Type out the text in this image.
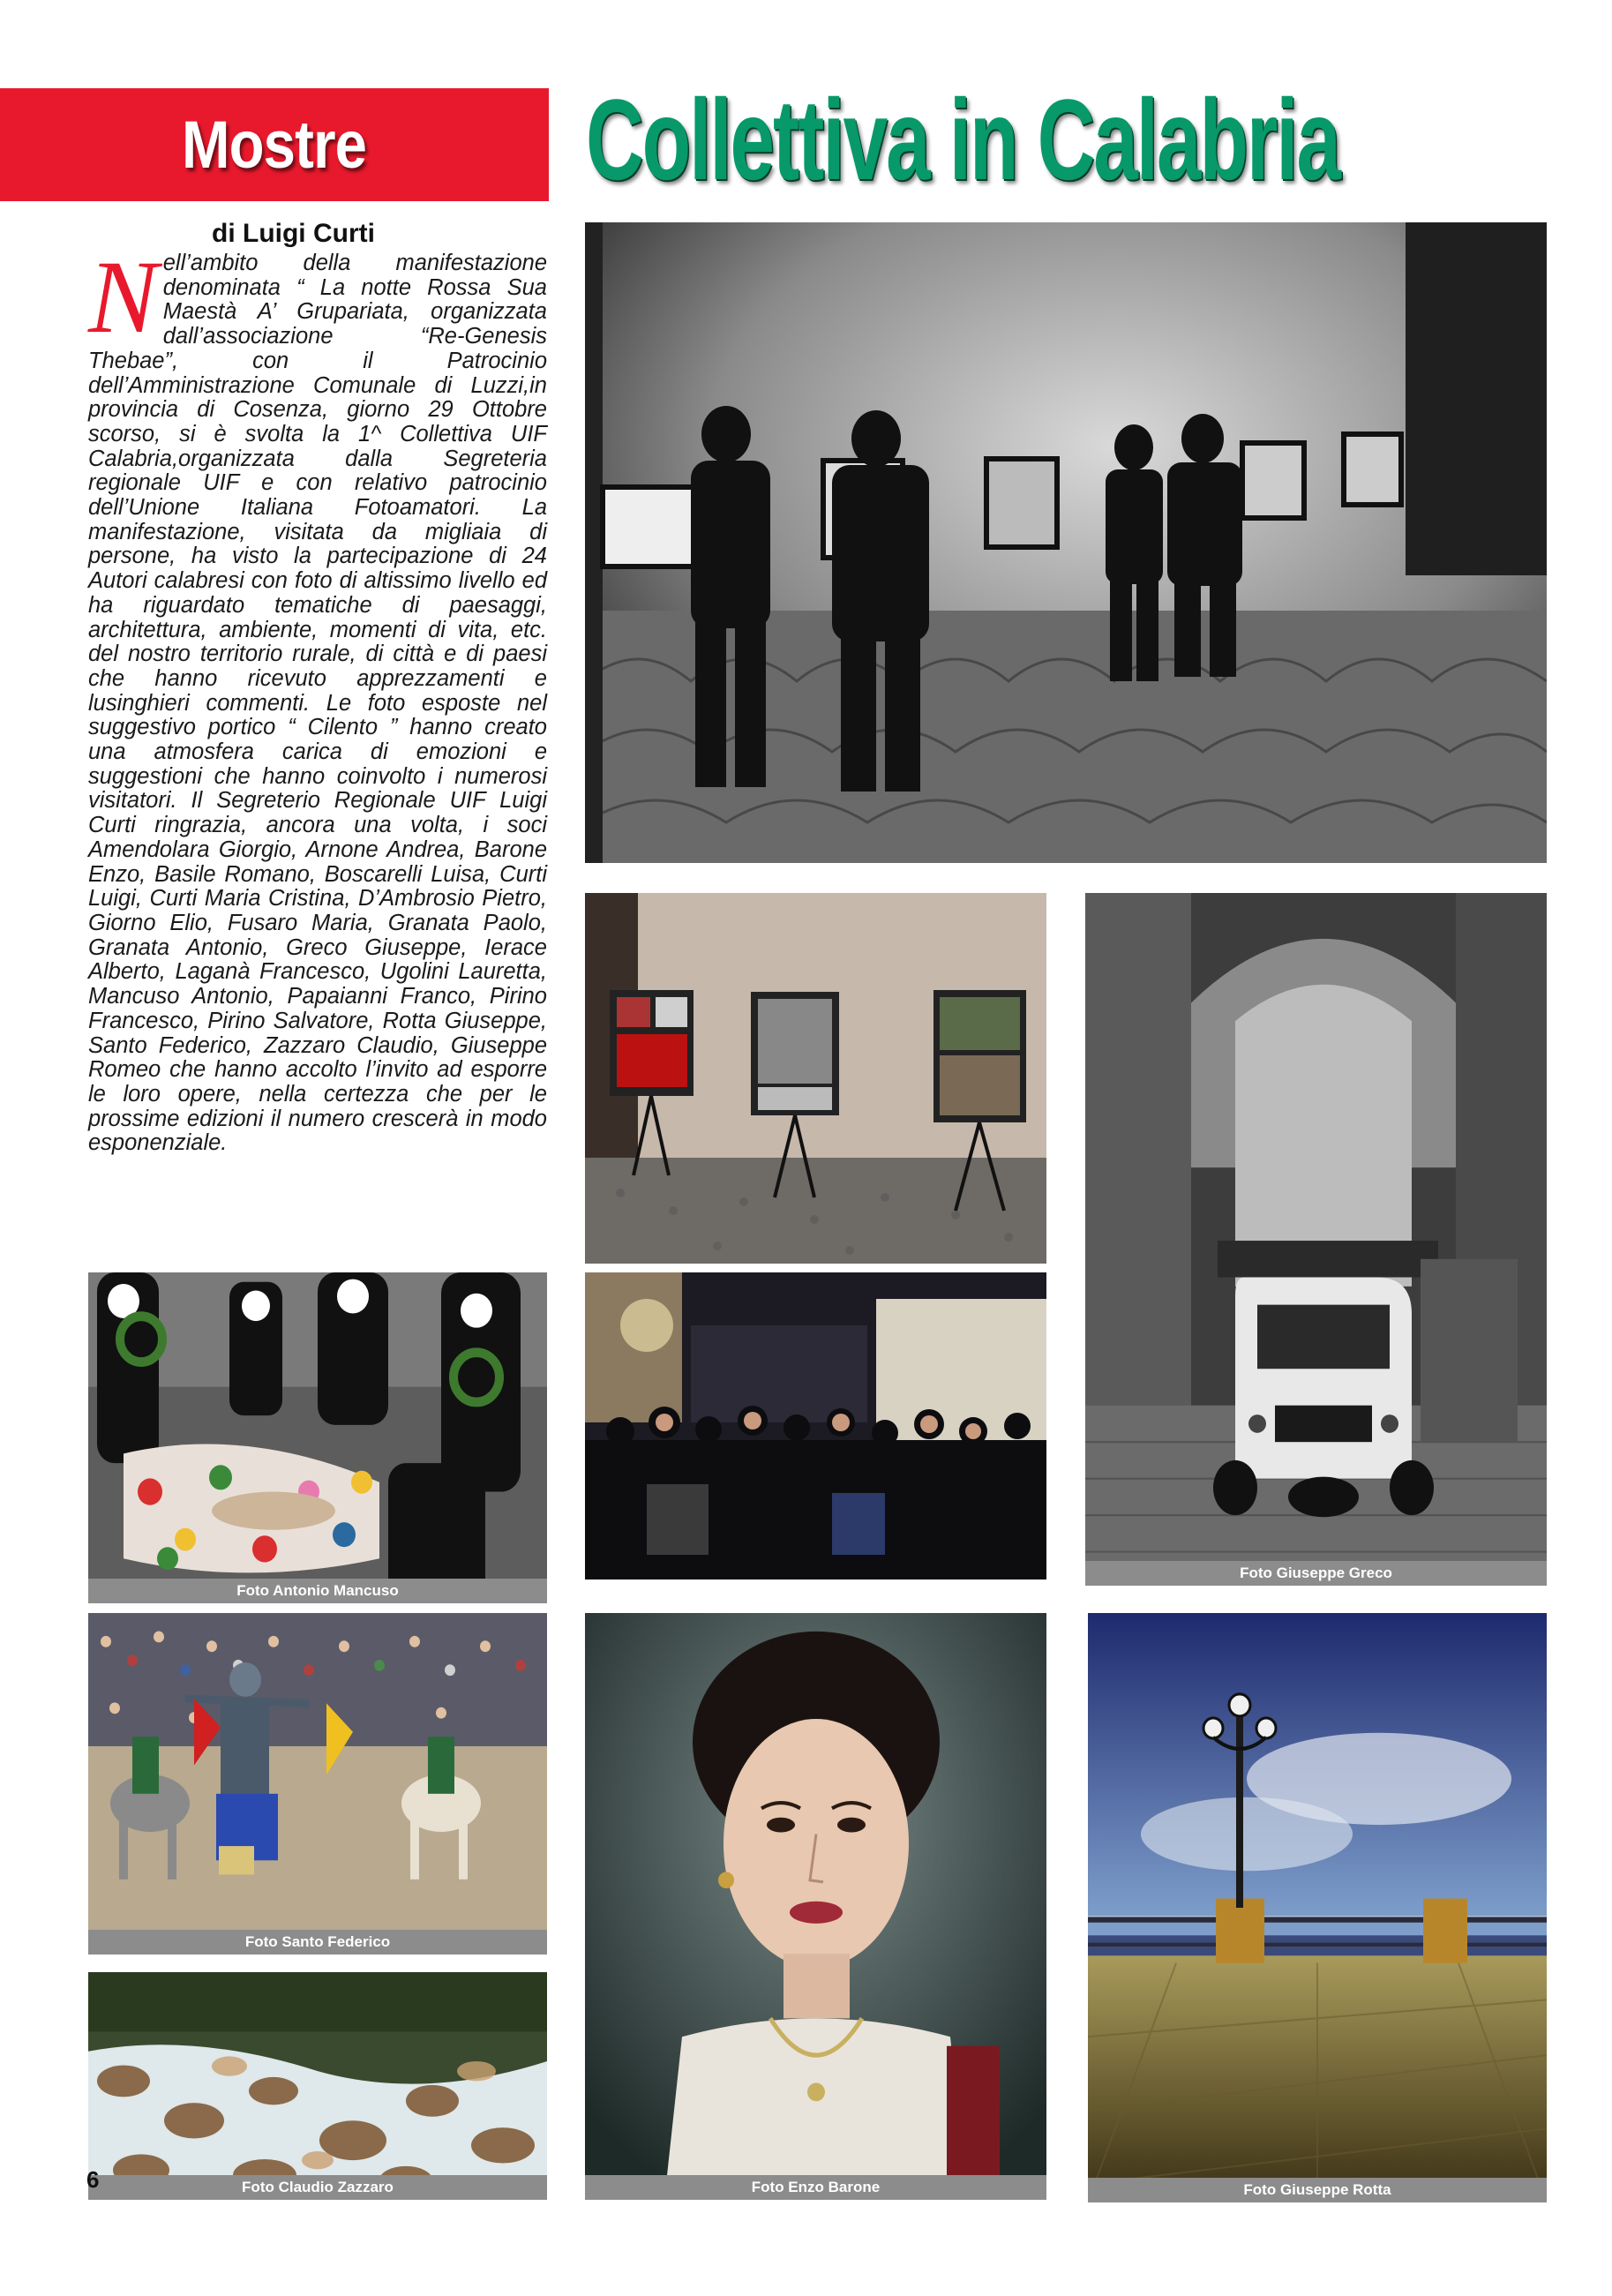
Mostre Collettiva in Calabria
di Luigi Curti
Nell’ambito della manifestazione denominata “ La notte Rossa Sua Maestà A’ Grupariata, organizzata dall’associazione “Re-Genesis Thebae”, con il Patrocinio dell’Amministrazione Comunale di Luzzi,in provincia di Cosenza, giorno 29 Ottobre scorso, si è svolta la 1^ Collettiva UIF Calabria,organizzata dalla Segreteria regionale UIF e con relativo patrocinio dell’Unione Italiana Fotoamatori. La manifestazione, visitata da migliaia di persone, ha visto la partecipazione di 24 Autori calabresi con foto di altissimo livello ed ha riguardato tematiche di paesaggi, architettura, ambiente, momenti di vita, etc. del nostro territorio rurale, di città e di paesi che hanno ricevuto apprezzamenti e lusinghieri commenti. Le foto esposte nel suggestivo portico “ Cilento ” hanno creato una atmosfera carica di emozioni e suggestioni che hanno coinvolto i numerosi visitatori. Il Segreterio Regionale UIF Luigi Curti ringrazia, ancora una volta, i soci Amendolara Giorgio, Arnone Andrea, Barone Enzo, Basile Romano, Boscarelli Luisa, Curti Luigi, Curti Maria Cristina, D’Ambrosio Pietro, Giorno Elio, Fusaro Maria, Granata Paolo, Granata Antonio, Greco Giuseppe, Ierace Alberto, Laganà Francesco, Ugolini Lauretta, Mancuso Antonio, Papaianni Franco, Pirino Francesco, Pirino Salvatore, Rotta Giuseppe, Santo Federico, Zazzaro Claudio, Giuseppe Romeo che hanno accolto l’invito ad esporre le loro opere, nella certezza che per le prossime edizioni il numero crescerà in modo esponenziale.
Foto Giuseppe Greco
Foto Antonio Mancuso
Foto Santo Federico
Foto Claudio Zazzaro	Foto Enzo Barone	Foto Giuseppe Rotta
6
